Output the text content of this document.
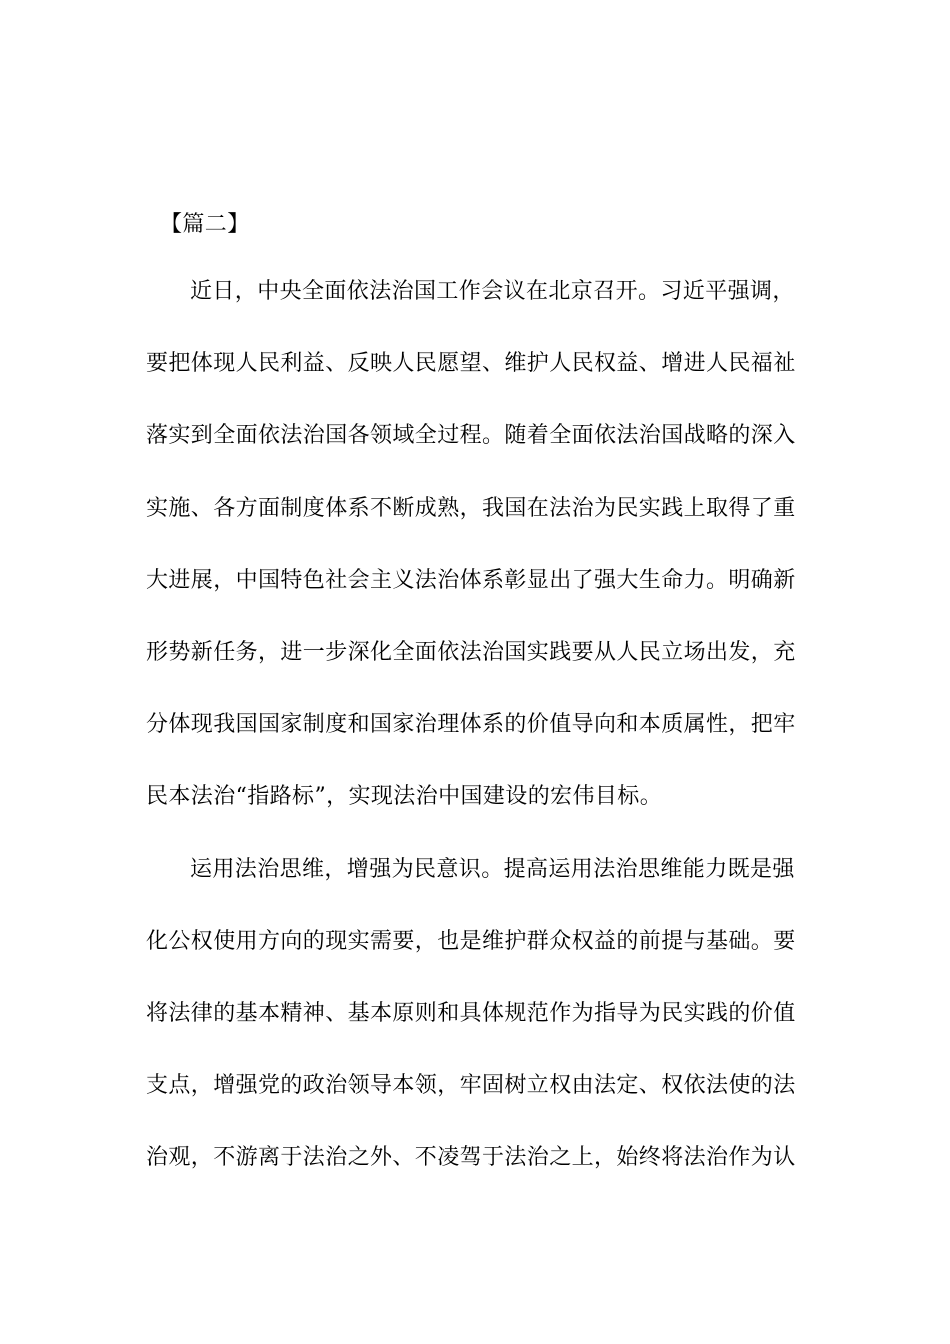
【篇二】
近日，中央全面依法治国工作会议在北京召开。习近平强调，
要把体现人民利益、反映人民愿望、维护人民权益、增进人民福祉
落实到全面依法治国各领域全过程。随着全面依法治国战略的深入
实施、各方面制度体系不断成熟，我国在法治为民实践上取得了重
大进展，中国特色社会主义法治体系彰显出了强大生命力。明确新
形势新任务，进一步深化全面依法治国实践要从人民立场出发，充
分体现我国国家制度和国家治理体系的价值导向和本质属性，把牢
民本法治“指路标”，实现法治中国建设的宏伟目标。
运用法治思维，增强为民意识。提高运用法治思维能力既是强
化公权使用方向的现实需要，也是维护群众权益的前提与基础。要
将法律的基本精神、基本原则和具体规范作为指导为民实践的价值
支点，增强党的政治领导本领，牢固树立权由法定、权依法使的法
治观，不游离于法治之外、不凌驾于法治之上，始终将法治作为认
